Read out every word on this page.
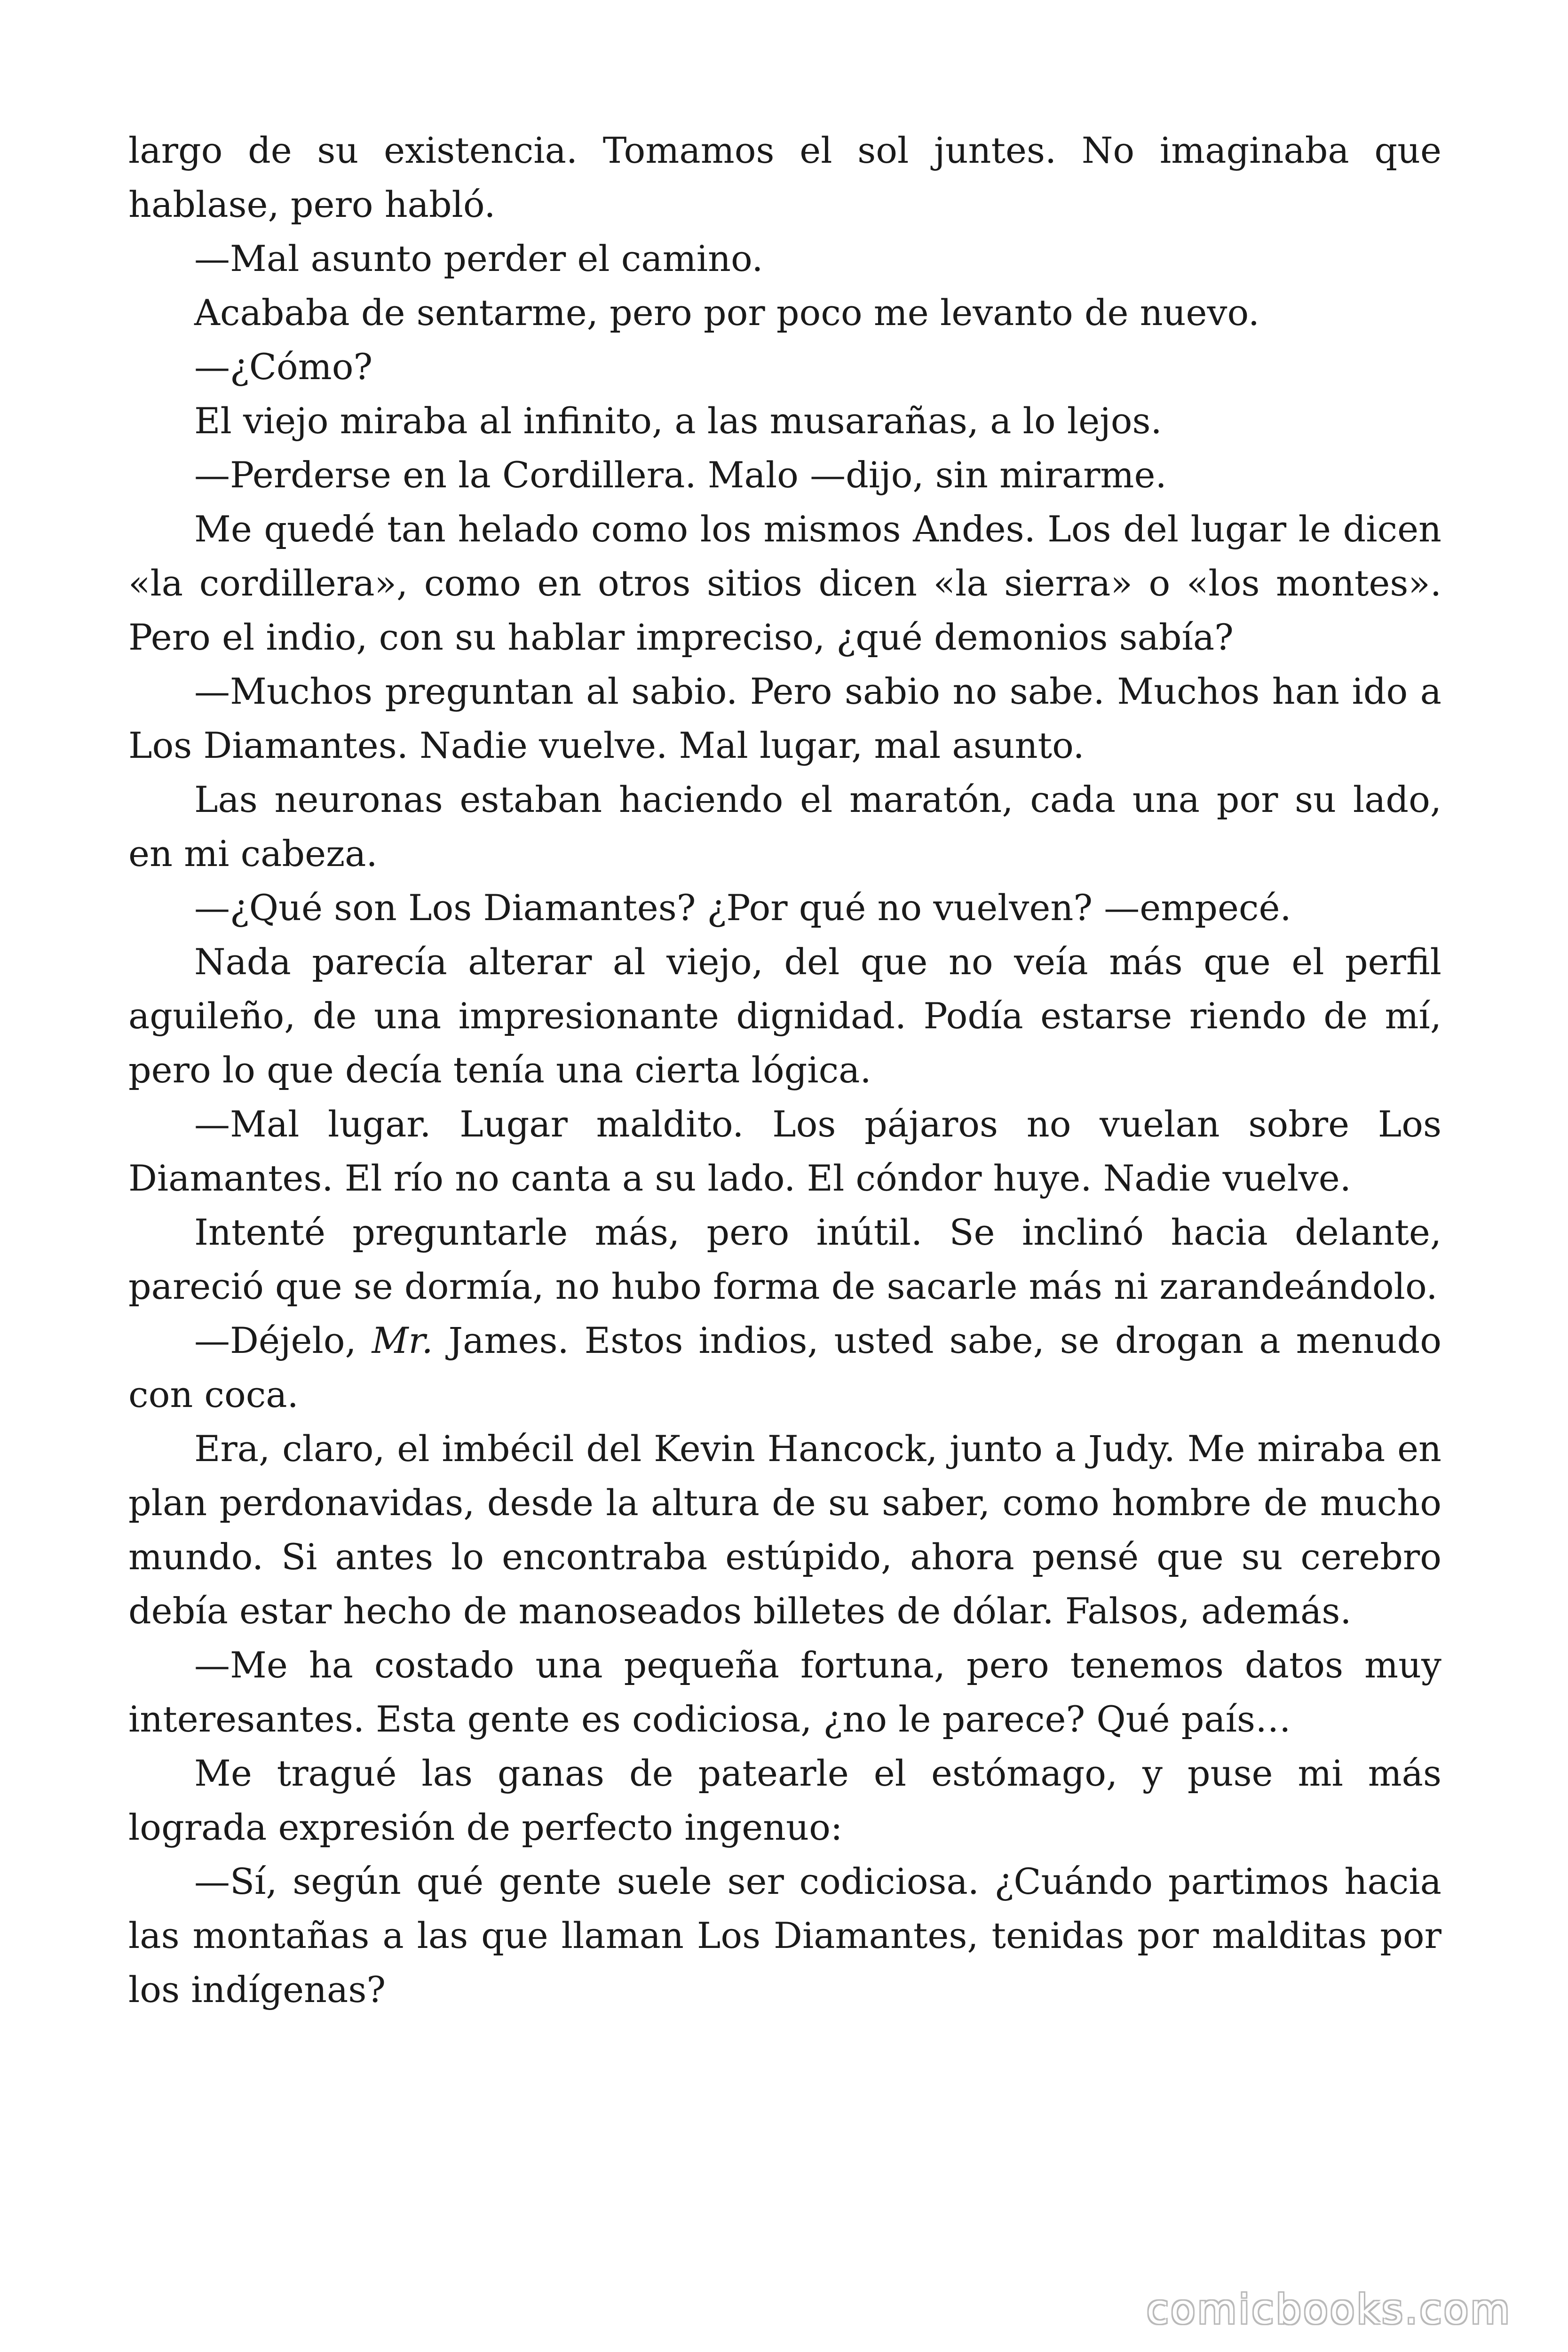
largo de su existencia. Tomamos el sol juntes. No imaginaba que hablase, pero habló.

—Mal asunto perder el camino.

Acababa de sentarme, pero por poco me levanto de nuevo.

—¿Cómo?

El viejo miraba al infinito, a las musarañas, a lo lejos.

—Perderse en la Cordillera. Malo —dijo, sin mirarme.

Me quedé tan helado como los mismos Andes. Los del lugar le dicen «la cordillera», como en otros sitios dicen «la sierra» o «los montes». Pero el indio, con su hablar impreciso, ¿qué demonios sabía?

—Muchos preguntan al sabio. Pero sabio no sabe. Muchos han ido a Los Diamantes. Nadie vuelve. Mal lugar, mal asunto.

Las neuronas estaban haciendo el maratón, cada una por su lado, en mi cabeza.

—¿Qué son Los Diamantes? ¿Por qué no vuelven? —empecé.

Nada parecía alterar al viejo, del que no veía más que el perfil aguileño, de una impresionante dignidad. Podía estarse riendo de mí, pero lo que decía tenía una cierta lógica.

—Mal lugar. Lugar maldito. Los pájaros no vuelan sobre Los Diamantes. El río no canta a su lado. El cóndor huye. Nadie vuelve.

Intenté preguntarle más, pero inútil. Se inclinó hacia delante, pareció que se dormía, no hubo forma de sacarle más ni zarandeándolo.

—Déjelo, Mr. James. Estos indios, usted sabe, se drogan a menudo con coca.

Era, claro, el imbécil del Kevin Hancock, junto a Judy. Me miraba en plan perdonavidas, desde la altura de su saber, como hombre de mucho mundo. Si antes lo encontraba estúpido, ahora pensé que su cerebro debía estar hecho de manoseados billetes de dólar. Falsos, además.

—Me ha costado una pequeña fortuna, pero tenemos datos muy interesantes. Esta gente es codiciosa, ¿no le parece? Qué país…

Me tragué las ganas de patearle el estómago, y puse mi más lograda expresión de perfecto ingenuo:

—Sí, según qué gente suele ser codiciosa. ¿Cuándo partimos hacia las montañas a las que llaman Los Diamantes, tenidas por malditas por los indígenas?

comicbooks.com
